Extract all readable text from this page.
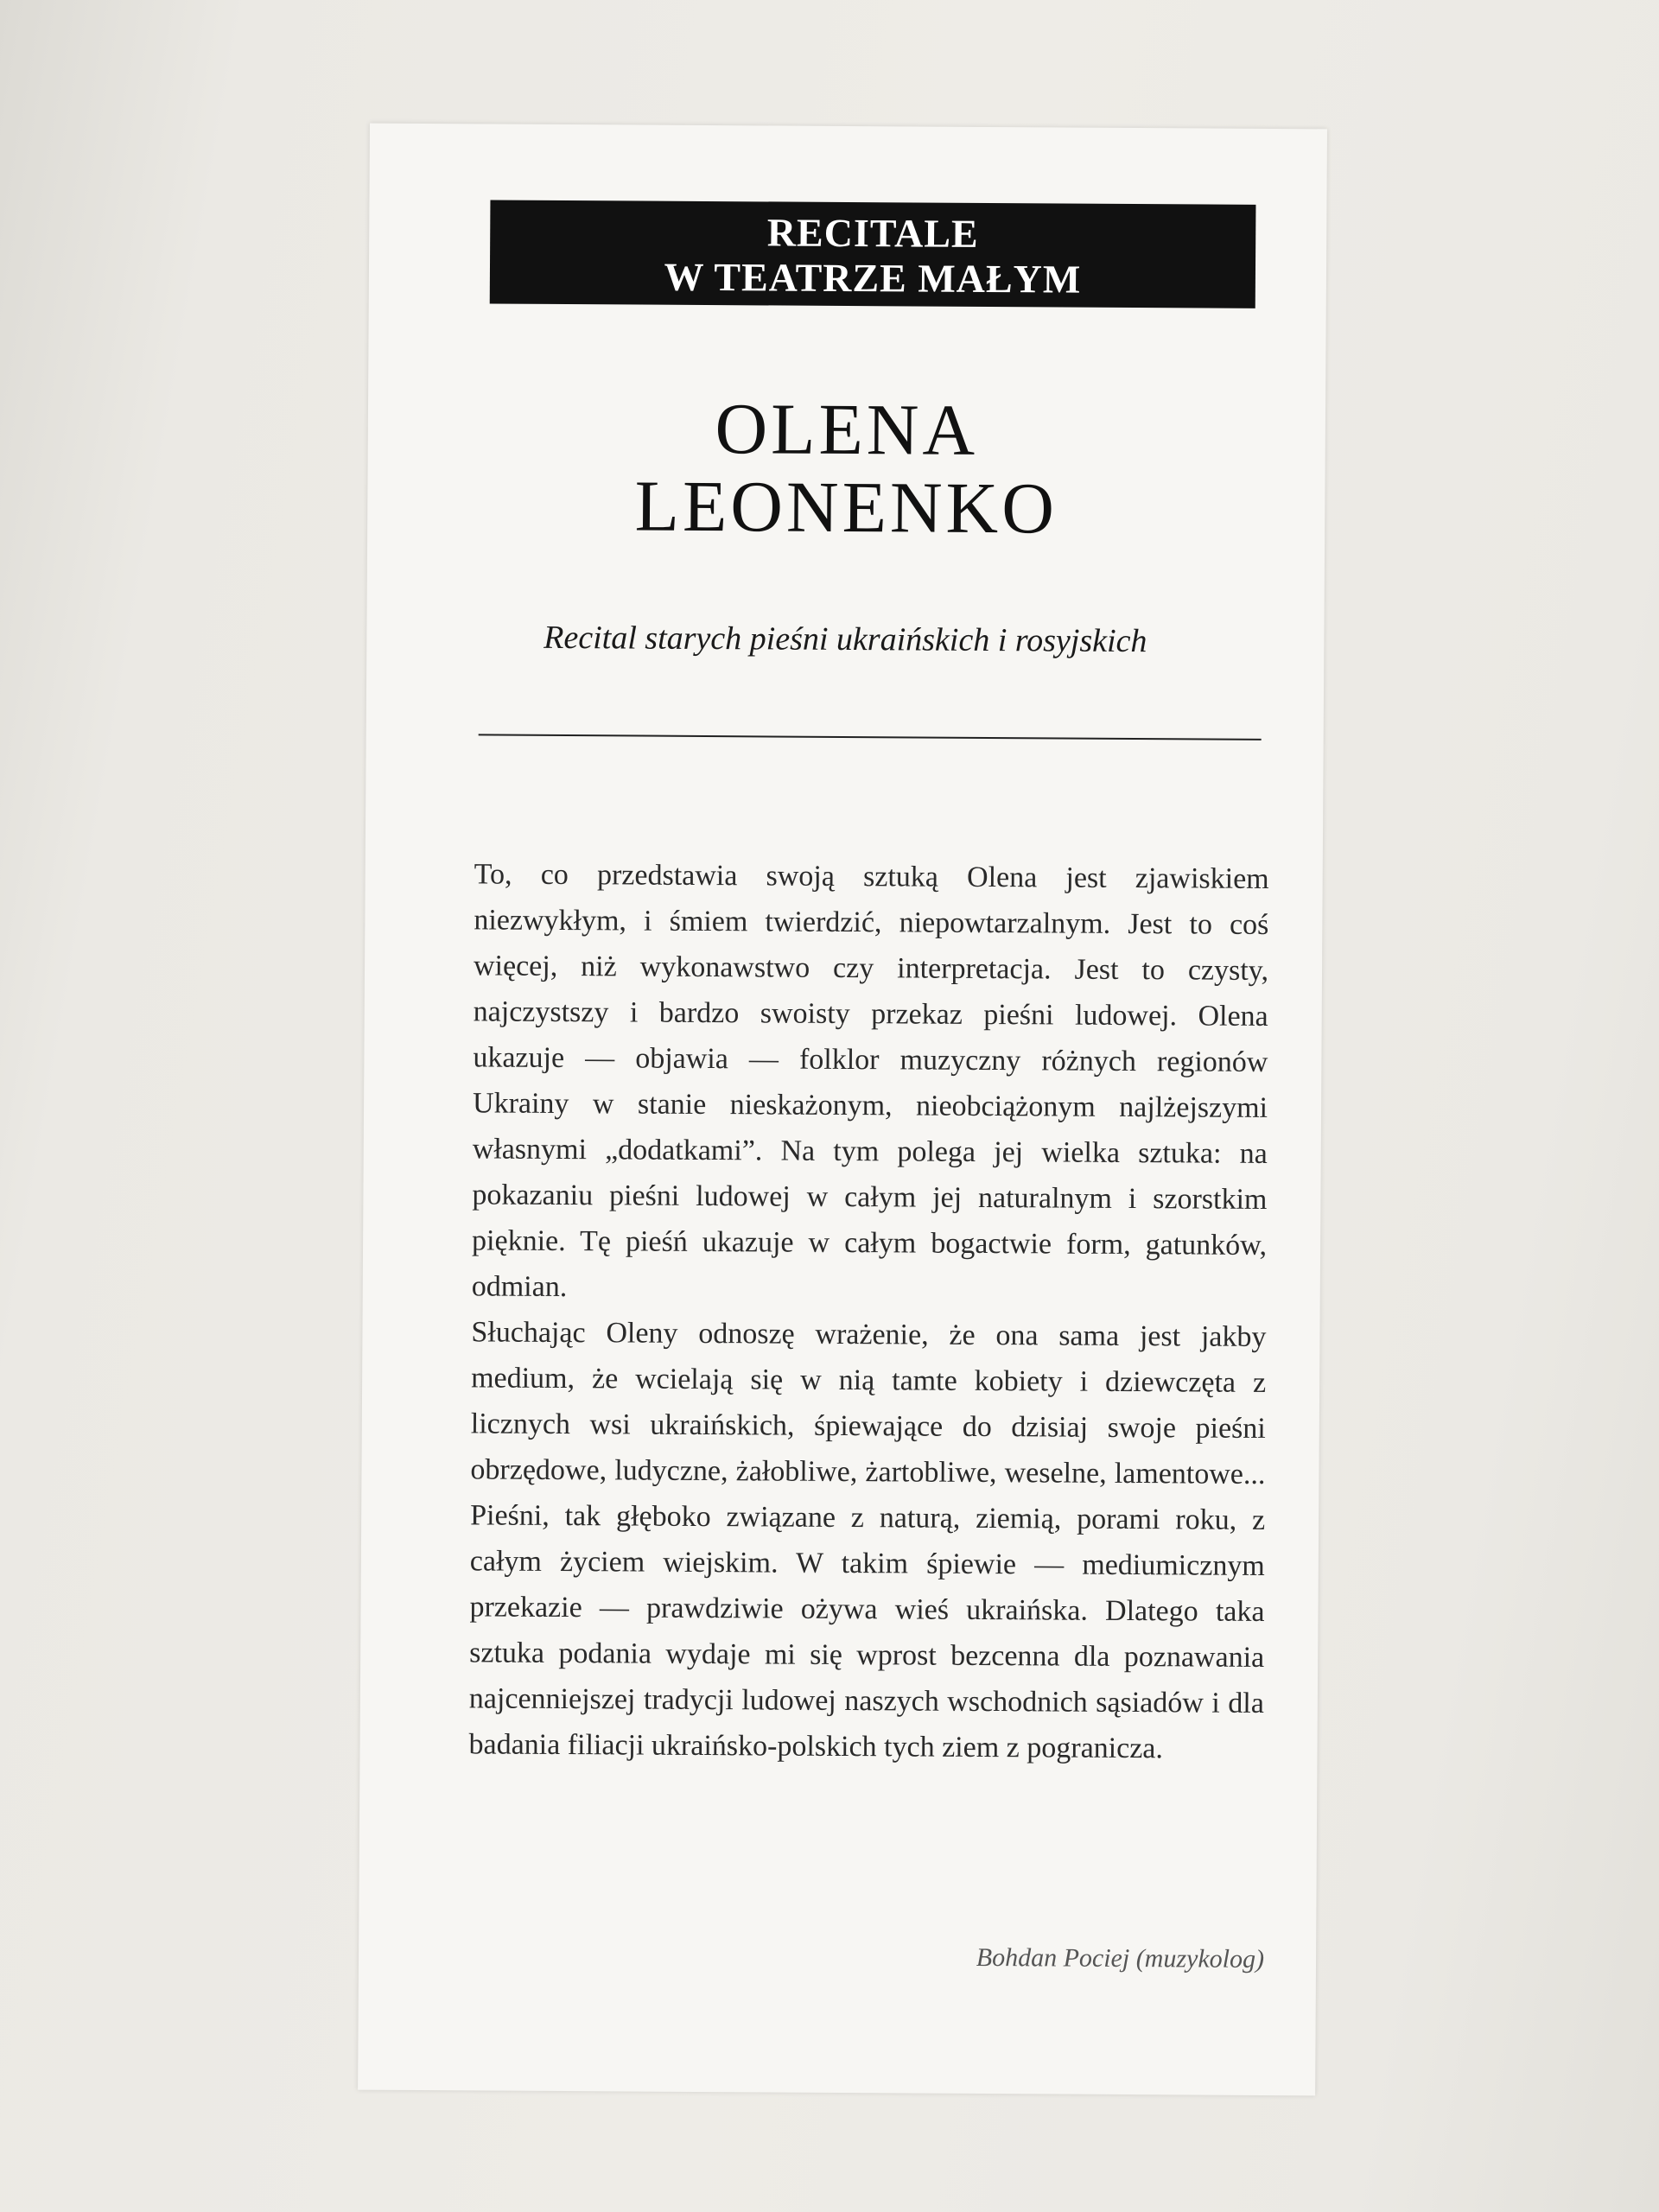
RECITALE
W TEATRZE MAŁYM
OLENA
LEONENKO
Recital starych pieśni ukraińskich i rosyjskich

To, co przedstawia swoją sztuką Olena jest zjawiskiem niezwykłym, i śmiem twierdzić, niepowtarzalnym. Jest to coś więcej, niż wykonawstwo czy interpretacja. Jest to czysty, najczystszy i bardzo swoisty przekaz pieśni ludowej. Olena ukazuje — objawia — folklor muzyczny różnych regionów Ukrainy w stanie nieskażonym, nieobciążonym najlżejszymi własnymi „dodatkami”. Na tym polega jej wielka sztuka: na pokazaniu pieśni ludowej w całym jej naturalnym i szorstkim pięknie. Tę pieśń ukazuje w całym bogactwie form, gatunków, odmian.

Słuchając Oleny odnoszę wrażenie, że ona sama jest jakby medium, że wcielają się w nią tamte kobiety i dziewczęta z licznych wsi ukraińskich, śpiewające do dzisiaj swoje pieśni obrzędowe, ludyczne, żałobliwe, żartobliwe, weselne, lamentowe... Pieśni, tak głęboko związane z naturą, ziemią, porami roku, z całym życiem wiejskim. W takim śpiewie — mediumicznym przekazie — prawdziwie ożywa wieś ukraińska. Dlatego taka sztuka podania wydaje mi się wprost bezcenna dla poznawania najcenniejszej tradycji ludowej naszych wschodnich sąsiadów i dla badania filiacji ukraińsko-polskich tych ziem z pogranicza.

Bohdan Pociej (muzykolog)
